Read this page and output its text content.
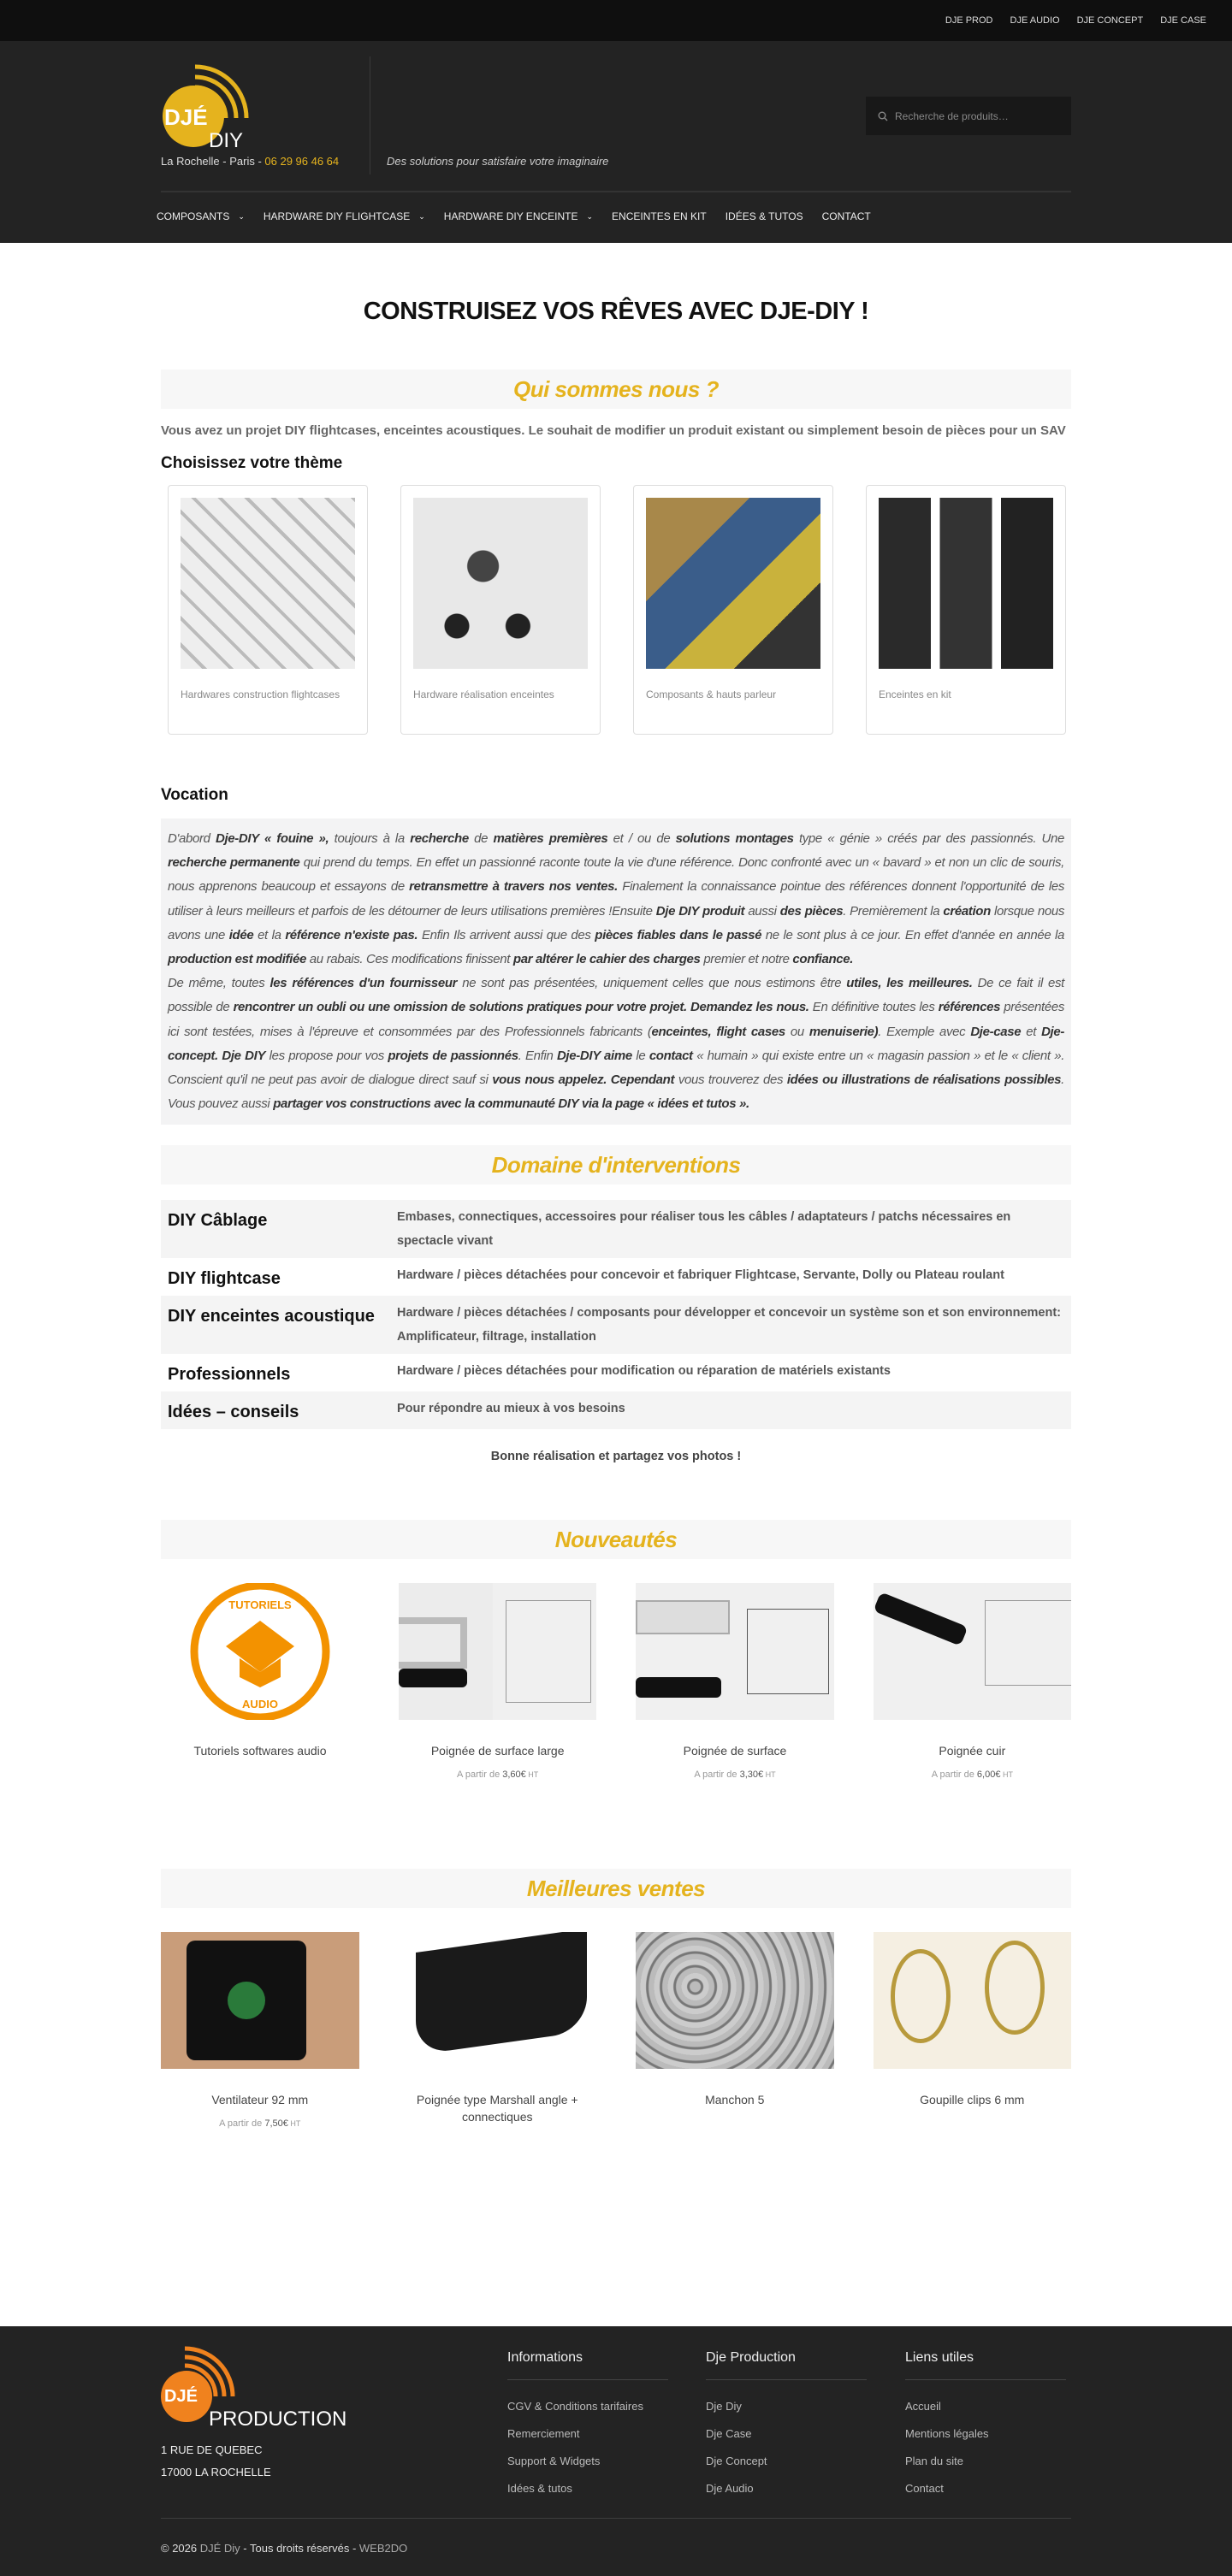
DJE PROD DJE AUDIO DJE CONCEPT DJE CASE
DJÉ
DIY
La Rochelle - Paris - 06 29 96 46 64	Des solutions pour satisfaire votre imaginaire
Recherche de produits…
COMPOSANTS ⌄ HARDWARE DIY FLIGHTCASE ⌄ HARDWARE DIY ENCEINTE ⌄ ENCEINTES EN KIT IDÉES & TUTOS CONTACT
CONSTRUISEZ VOS RÊVES AVEC DJE-DIY !
Qui sommes nous ?

Vous avez un projet DIY flightcases, enceintes acoustiques. Le souhait de modifier un produit existant ou simplement besoin de pièces pour un SAV

Choisissez votre thème
Hardwares construction flightcases	Hardware réalisation enceintes	Composants & hauts parleur	Enceintes en kit
Vocation
D'abord Dje-DIY « fouine », toujours à la recherche de matières premières et / ou de solutions montages type « génie » créés par des passionnés. Une recherche permanente qui prend du temps. En effet un passionné raconte toute la vie d'une référence. Donc confronté avec un « bavard » et non un clic de souris, nous apprenons beaucoup et essayons de retransmettre à travers nos ventes. Finalement la connaissance pointue des références donnent l'opportunité de les utiliser à leurs meilleurs et parfois de les détourner de leurs utilisations premières !Ensuite Dje DIY produit aussi des pièces. Premièrement la création lorsque nous avons une idée et la référence n'existe pas. Enfin Ils arrivent aussi que des pièces fiables dans le passé ne le sont plus à ce jour. En effet d'année en année la production est modifiée au rabais. Ces modifications finissent par altérer le cahier des charges premier et notre confiance.
De même, toutes les références d'un fournisseur ne sont pas présentées, uniquement celles que nous estimons être utiles, les meilleures. De ce fait il est possible de rencontrer un oubli ou une omission de solutions pratiques pour votre projet. Demandez les nous. En définitive toutes les références présentées ici sont testées, mises à l'épreuve et consommées par des Professionnels fabricants (enceintes, flight cases ou menuiserie). Exemple avec Dje-case et Dje-concept. Dje DIY les propose pour vos projets de passionnés. Enfin Dje-DIY aime le contact « humain » qui existe entre un « magasin passion » et le « client ». Conscient qu'il ne peut pas avoir de dialogue direct sauf si vous nous appelez. Cependant vous trouverez des idées ou illustrations de réalisations possibles. Vous pouvez aussi partager vos constructions avec la communauté DIY via la page « idées et tutos ».
Domaine d'interventions
DIY Câblage	Embases, connectiques, accessoires pour réaliser tous les câbles / adaptateurs / patchs nécessaires en spectacle vivant
DIY flightcase	Hardware / pièces détachées pour concevoir et fabriquer Flightcase, Servante, Dolly ou Plateau roulant
DIY enceintes acoustique	Hardware / pièces détachées / composants pour développer et concevoir un système son et son environnement: Amplificateur, filtrage, installation
Professionnels	Hardware / pièces détachées pour modification ou réparation de matériels existants
Idées – conseils	Pour répondre au mieux à vos besoins

Bonne réalisation et partagez vos photos !

Nouveautés
TUTORIELS
AUDIO
Tutoriels softwares audio	Poignée de surface large
A partir de 3,60€ HT
Poignée de surface
A partir de 3,30€ HT
Poignée cuir
A partir de 6,00€ HT
Meilleures ventes
Ventilateur 92 mm
A partir de 7,50€ HT
Poignée type Marshall angle + connectiques
Manchon 5	Goupille clips 6 mm
DJÉ
PRODUCTION
1 RUE DE QUEBEC
17000 LA ROCHELLE
Informations
CGV & Conditions tarifaires
Remerciement
Support & Widgets
Idées & tutos
Dje Production
Dje Diy
Dje Case
Dje Concept
Dje Audio
Liens utiles
Accueil
Mentions légales
Plan du site
Contact
© 2026 DJÉ Diy - Tous droits réservés - WEB2DO
